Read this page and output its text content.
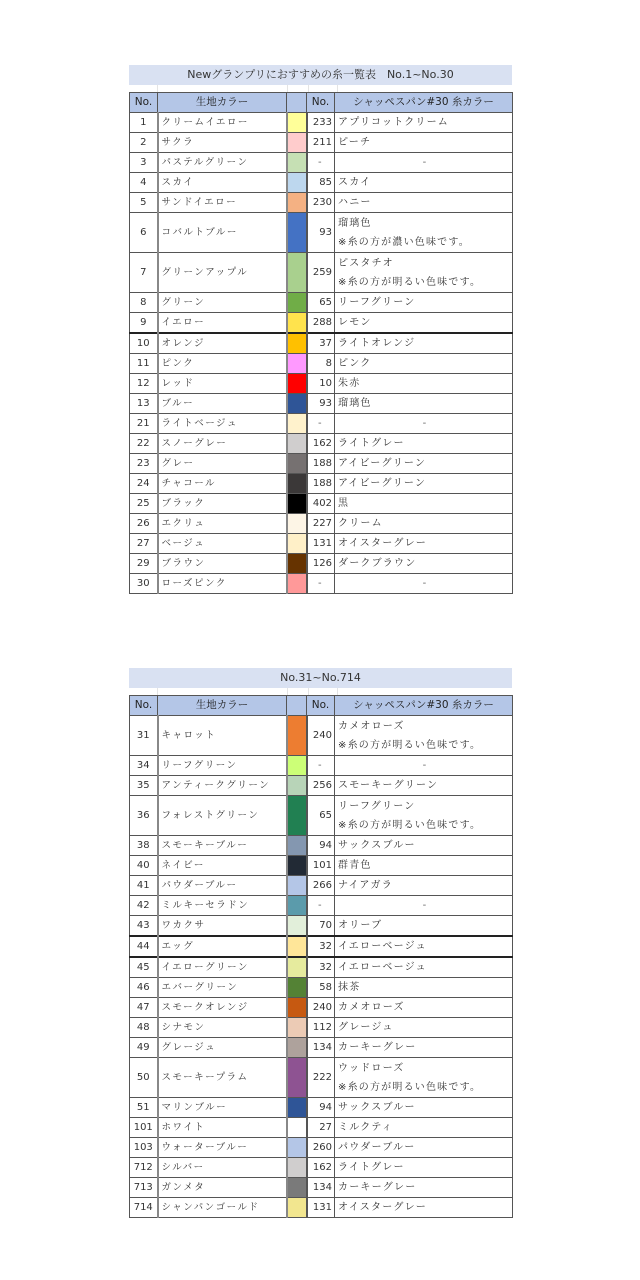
Newグランプリにおすすめの糸一覧表　No.1~No.30
No.	生地カラー		No.	シャッペスパン#30 糸カラー
1	クリームイエロー		233	アプリコットクリーム

2	サクラ		211	ピーチ

3	パステルグリーン		-	-

4	スカイ		85	スカイ

5	サンドイエロー		230	ハニー

6	コバルトブルー		93	瑠璃色
※糸の方が濃い色味です。

7	グリーンアップル		259	ピスタチオ
※糸の方が明るい色味です。

8	グリーン		65	リーフグリーン

9	イエロー		288	レモン

10	オレンジ		37	ライトオレンジ

11	ピンク		8	ピンク

12	レッド		10	朱赤

13	ブルー		93	瑠璃色

21	ライトベージュ		-	-

22	スノーグレー		162	ライトグレー

23	グレー		188	アイビーグリーン

24	チャコール		188	アイビーグリーン

25	ブラック		402	黒

26	エクリュ		227	クリーム

27	ベージュ		131	オイスターグレー

29	ブラウン		126	ダークブラウン

30	ローズピンク		-	-
No.31~No.714
No.	生地カラー		No.	シャッペスパン#30 糸カラー
31	キャロット		240	カメオローズ
※糸の方が明るい色味です。

34	リーフグリーン		-	-

35	アンティークグリーン		256	スモーキーグリーン

36	フォレストグリーン		65	リーフグリーン
※糸の方が明るい色味です。

38	スモーキーブルー		94	サックスブルー

40	ネイビー		101	群青色

41	パウダーブルー		266	ナイアガラ

42	ミルキーセラドン		-	-

43	ワカクサ		70	オリーブ

44	エッグ		32	イエローベージュ

45	イエローグリーン		32	イエローベージュ

46	エバーグリーン		58	抹茶

47	スモークオレンジ		240	カメオローズ

48	シナモン		112	グレージュ

49	グレージュ		134	カーキーグレー

50	スモーキープラム		222	ウッドローズ
※糸の方が明るい色味です。

51	マリンブルー		94	サックスブルー

101	ホワイト		27	ミルクティ

103	ウォーターブルー		260	パウダーブルー

712	シルバー		162	ライトグレー

713	ガンメタ		134	カーキーグレー

714	シャンパンゴールド		131	オイスターグレー
